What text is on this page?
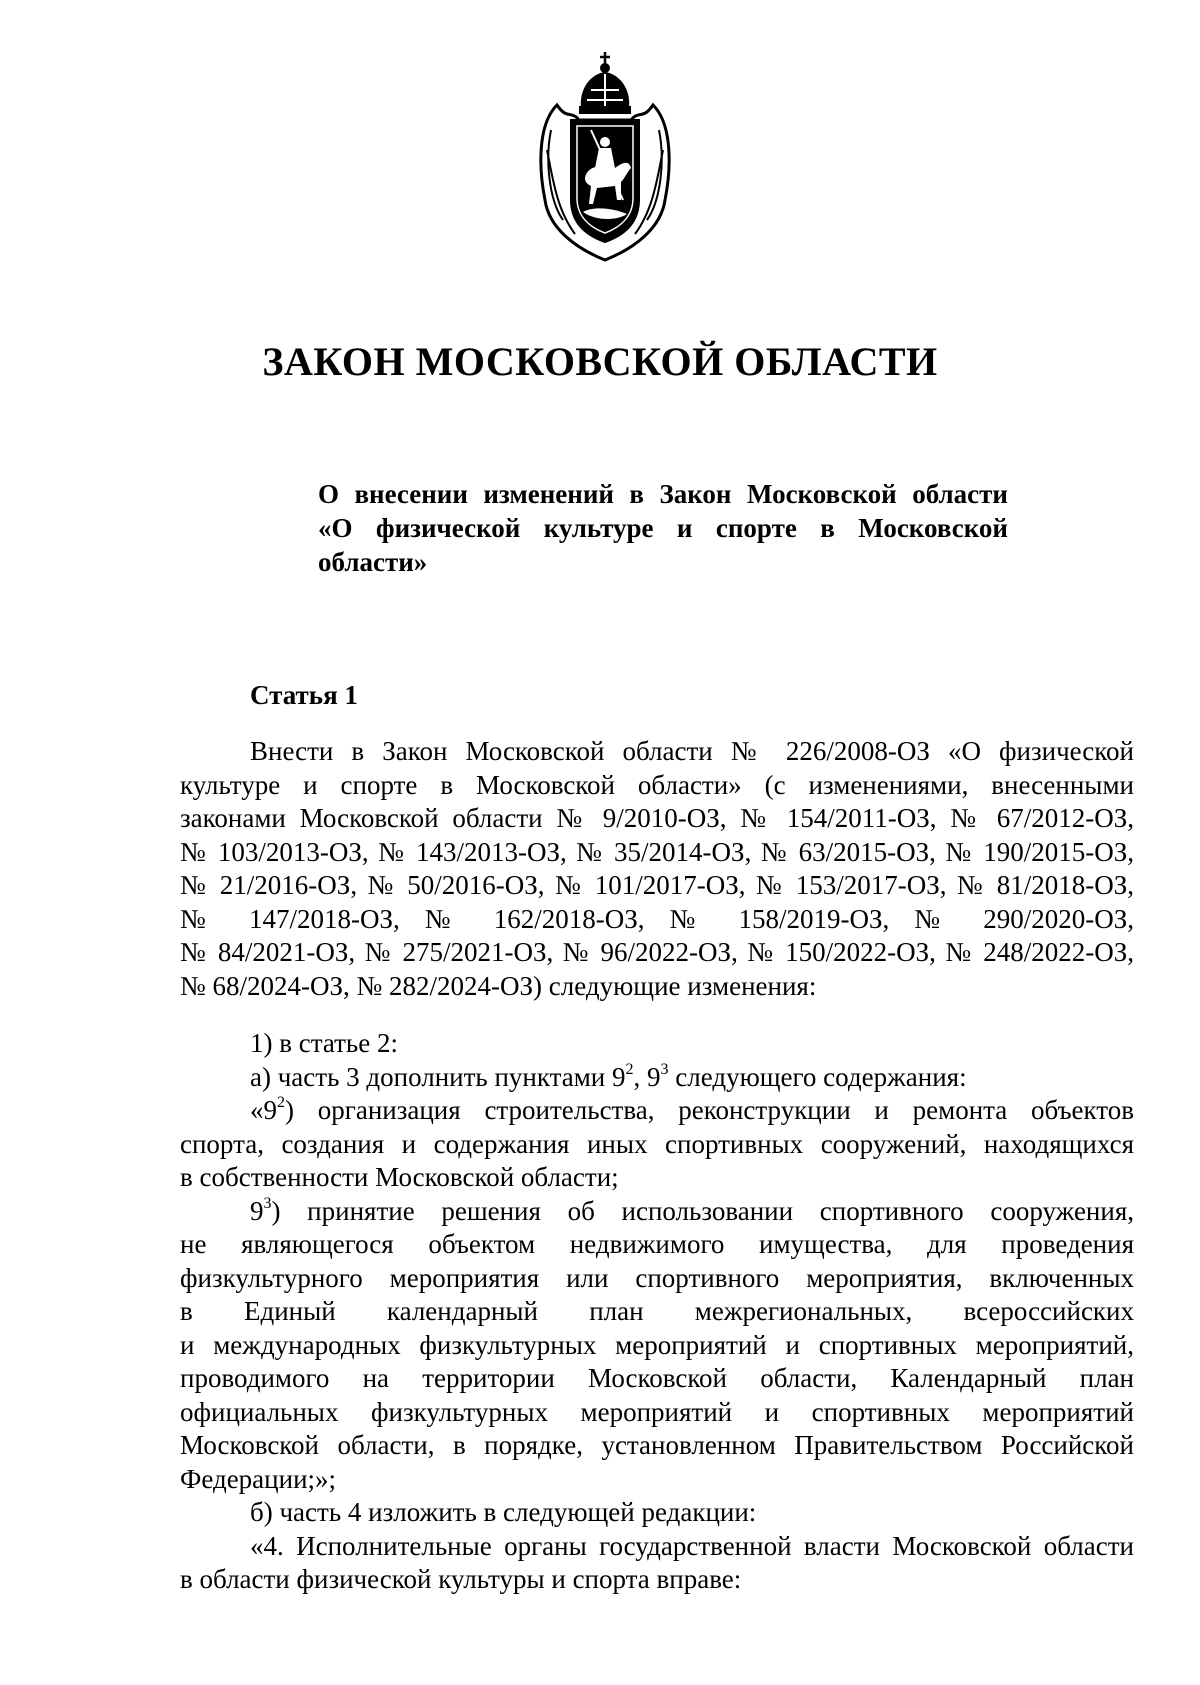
ЗАКОН МОСКОВСКОЙ ОБЛАСТИ
О внесении изменений в Закон Московской области
«О физической культуре и спорте в Московской
области»
Статья 1
Внести в Закон Московской области № 226/2008-ОЗ «О физической
культуре и спорте в Московской области» (с изменениями, внесенными
законами Московской области № 9/2010-ОЗ, № 154/2011-ОЗ, № 67/2012-ОЗ,
№ 103/2013-ОЗ, № 143/2013-ОЗ, № 35/2014-ОЗ, № 63/2015-ОЗ, № 190/2015-ОЗ,
№ 21/2016-ОЗ, № 50/2016-ОЗ, № 101/2017-ОЗ, № 153/2017-ОЗ, № 81/2018-ОЗ,
№ 147/2018-ОЗ, № 162/2018-ОЗ, № 158/2019-ОЗ, № 290/2020-ОЗ,
№ 84/2021-ОЗ, № 275/2021-ОЗ, № 96/2022-ОЗ, № 150/2022-ОЗ, № 248/2022-ОЗ,
№ 68/2024-ОЗ, № 282/2024-ОЗ) следующие изменения:
1) в статье 2:
а) часть 3 дополнить пунктами $9^2$, $9^3$ следующего содержания:
«$9^2$) организация строительства, реконструкции и ремонта объектов
спорта, создания и содержания иных спортивных сооружений, находящихся
в собственности Московской области;
$9^3$) принятие решения об использовании спортивного сооружения,
не являющегося объектом недвижимого имущества, для проведения
физкультурного мероприятия или спортивного мероприятия, включенных
в Единый календарный план межрегиональных, всероссийских
и международных физкультурных мероприятий и спортивных мероприятий,
проводимого на территории Московской области, Календарный план
официальных физкультурных мероприятий и спортивных мероприятий
Московской области, в порядке, установленном Правительством Российской
Федерации;»;
б) часть 4 изложить в следующей редакции:
«4. Исполнительные органы государственной власти Московской области
в области физической культуры и спорта вправе:
